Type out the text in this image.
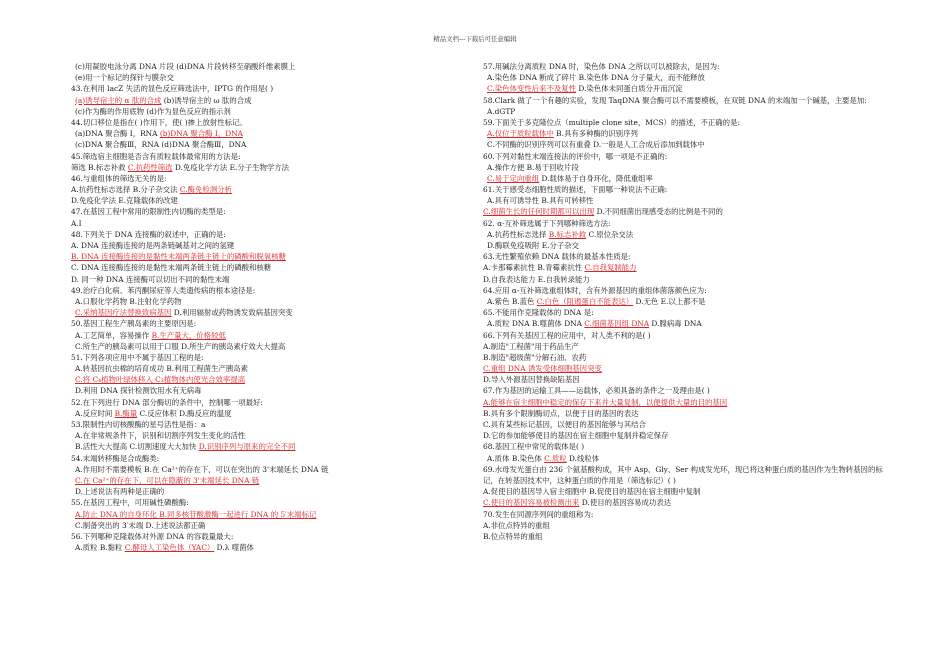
精品文档---下载后可任意编辑
(c)用凝胶电泳分离 DNA 片段 (d)DNA 片段转移至硝酸纤维素膜上
(e)用一个标记的探针与膜杂交
43.在利用 lacZ 失活的显色反应筛选法中，IPTG 的作用是( )
(a)诱导宿主的 α 肽的合成 (b)诱导宿主的 ω 肽的合成
(c)作为酶的作用底物 (d)作为显色反应的指示剂
44.切口移位是指在( )作用下，使( )掺上放射性标记。
(a)DNA 聚合酶 I，RNA (b)DNA 聚合酶 I，DNA
(c)DNA 聚合酶Ⅲ，RNA (d)DNA 聚合酶Ⅲ，DNA
45.筛选宿主细胞是否含有质粒载体最常用的方法是:
筛选 B.标志补救 C.抗药性筛选 D.免疫化学方法 E.分子生物学方法
46.与重组体的筛选无关的是:
A.抗药性标志选择 B.分子杂交法 C.酶免检测分析
D.免疫化学法 E.克隆载体的改建
47.在基因工程中常用的限制性内切酶的类型是:
A.I
48.下列关于 DNA 连接酶的叙述中，正确的是:
A. DNA 连接酶连接的是两条链碱基对之间的氢键
B. DNA 连接酶连接的是黏性末端两条链主链上的磷酸和脱氧核糖
C. DNA 连接酶连接的是黏性末端两条链主链上的磷酸和核糖
D. 同一种 DNA 连接酶可以切出不同的黏性末端
49.治疗白化病、苯丙酮尿症等人类遗传病的根本途径是:
A.口服化学药物 B.注射化学药物
C.采纳基因疗法替换致病基因 D.利用辐射或药物诱发致病基因突变
50.基因工程生产胰岛素的主要原因是:
A.工艺简单，容易操作 B.生产量大，价格较低
C.所生产的胰岛素可以用于口服 D.所生产的胰岛素疗效大大提高
51.下列各项应用中不属于基因工程的是:
A.转基因抗虫棉的培育成功 B.利用工程菌生产胰岛素
C.将 C₄植物叶绿体移入 C₃植物体内使光合效率提高
D.利用 DNA 探针检测饮用水有无病毒
52.在下列进行 DNA 部分酶切的条件中，控制哪一项最好:
A.反应时间 B.酶量 C.反应体积 D.酶反应的温度
53.限制性内切核酸酶的星号活性是指：a
A.在非常规条件下，识别和切割序列发生变化的活性
B.活性大大提高 C.切割速度大大加快 D.识别序列与原来的完全不同
54.末端转移酶是合成酶类:
A.作用时不需要模板 B.在 Ca²⁺的存在下，可以在突出的 3'末端延长 DNA 链
C.在 Ca²⁺的存在下，可以在隐蔽的 3'末端延长 DNA 链
D.上述说法有两种是正确的
55.在基因工程中，可用碱性磷酸酶:
A.防止 DNA 的自身环化 B.同多核苷酸激酶一起进行 DNA 的 5′末端标记
C.制备突出的 3′末端 D.上述说法都正确
56.下列哪种克隆载体对外源 DNA 的容载量最大:
A.质粒 B.黏粒 C.酵母人工染色体（YAC） D.λ 噬菌体
57.用碱法分离质粒 DNA 时，染色体 DNA 之所以可以被除去，是因为:
A.染色体 DNA 断成了碎片 B.染色体 DNA 分子量大，而不能释放
C.染色体变性后来不及复性 D.染色体未同蛋白质分开而沉淀
58.Clark 做了一个有趣的实验，发现 TaqDNA 聚合酶可以不需要模板，在双链 DNA 的末端加一个碱基，主要是加:
A.dGTP
59.下面关于多克隆位点（multiple clone site，MCS）的描述，不正确的是:
A.仅位于质粒载体中 B.具有多种酶的识别序列
C.不同酶的识别序列可以有重叠 D.一般是人工合成后添加到载体中
60.下列对黏性末端连接法的评价中，哪一项是不正确的:
A.操作方便 B.易于回收片段
C.易于定向重组 D.载体易于自身环化，降低重组率
61.关于感受态细胞性质的描述，下面哪一种说法不正确:
A.具有可诱导性 B.具有可转移性
C.细菌生长的任何时期都可以出现 D.不同细菌出现感受态的比例是不同的
62. α-互补筛选属于下列哪种筛选方法:
A.抗药性标志选择 B.标志补救 C.原位杂交法
D.酶联免疫吸附 E.分子杂交
63.无性繁殖依赖 DNA 载体的最基本性质是:
A.卡那霉素抗性 B.青霉素抗性 C.自我复制能力
D.自我表达能力 E.自我转录能力
64.应用 α-互补筛选重组体时，含有外源基因的重组体菌落颜色应为:
A.紫色 B.蓝色 C.白色（阻遏蛋白不能表达） D.无色 E.以上都不是
65.不能用作克隆载体的 DNA 是:
A.质粒 DNA B.噬菌体 DNA C.细菌基因组 DNA D.腺病毒 DNA
66.下列有关基因工程的应用中，对人类不利的是( )
A.制造"工程菌"用于药品生产
B.制造"超级菌"分解石油、农药
C.重组 DNA 诱发受体细胞基因突变
D.导入外源基因替换缺陷基因
67.作为基因的运输工具——运载体，必须具备的条件之一及理由是( )
A.能够在宿主细胞中稳定的保存下来并大量复制，以便提供大量的目的基因
B.具有多个限制酶切点，以便于目的基因的表达
C.具有某些标记基因，以便目的基因能够与其结合
D.它的参加能够使目的基因在宿主细胞中复制并稳定保存
68.基因工程中常见的载体是( )
A.质体 B.染色体 C.质粒 D.线粒体
69.水母发光蛋白由 236 个氨基酸构成，其中 Asp、Gly、Ser 构成发光环，现已将这种蛋白质的基因作为生物转基因的标记，在转基因技术中，这种蛋白质的作用是（筛选标记）( )
A.促使目的基因导入宿主细胞中 B.促使目的基因在宿主细胞中复制
C.使目的基因容易被检测出来 D.使目的基因容易成功表达
70.发生在同源序列间的重组称为:
A.非位点特异的重组
B.位点特异的重组
